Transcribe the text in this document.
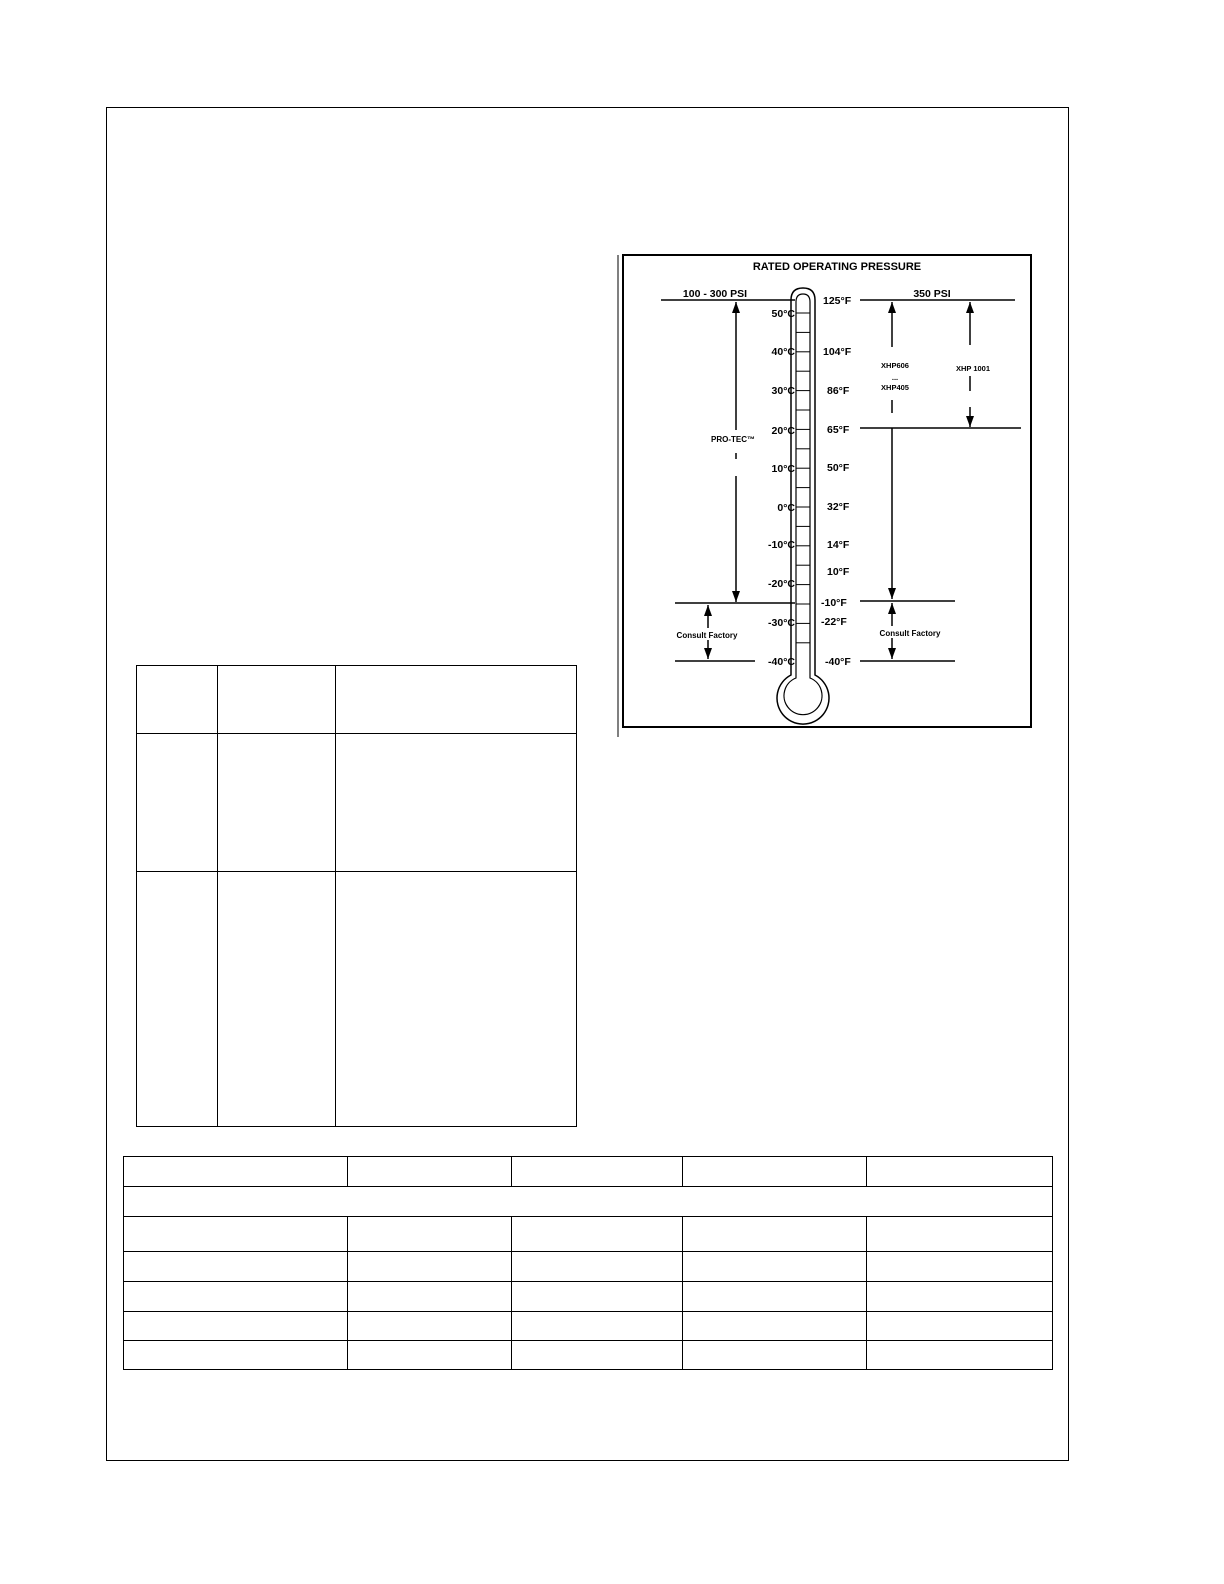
RATED OPERATING PRESSURE
100 - 300 PSI	350 PSI
50°C
40°C
30°C
20°C
10°C
0°C
-10°C
-20°C
-30°C
-40°C
125°F
104°F
86°F
65°F
50°F
32°F
14°F
10°F
-10°F
-22°F
-40°F
PRO-TEC™
Consult Factory
XHP606
...
XHP405
Consult Factory
XHP 1001
